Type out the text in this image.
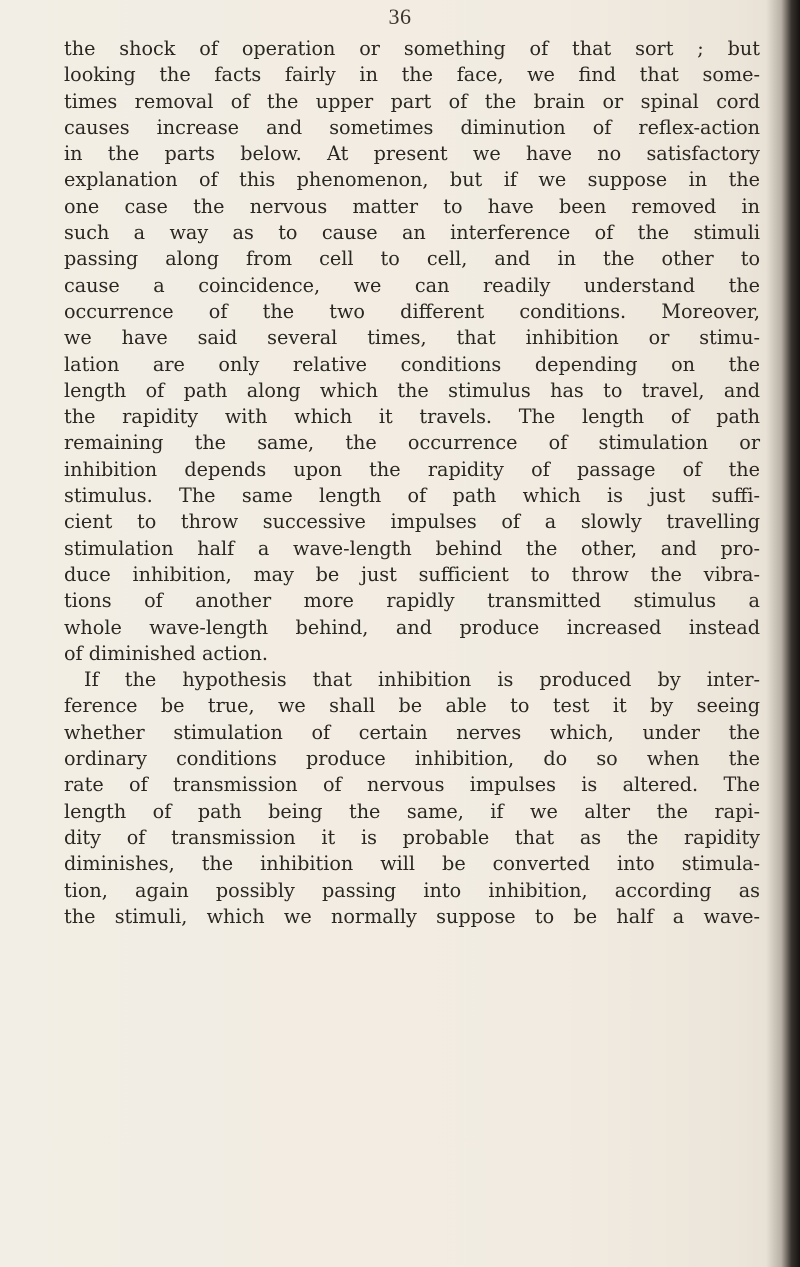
36
the shock of operation or something of that sort ; but
looking the facts fairly in the face, we find that some-
times removal of the upper part of the brain or spinal cord
causes increase and sometimes diminution of reflex-action
in the parts below. At present we have no satisfactory
explanation of this phenomenon, but if we suppose in the
one case the nervous matter to have been removed in
such a way as to cause an interference of the stimuli
passing along from cell to cell, and in the other to
cause a coincidence, we can readily understand the
occurrence of the two different conditions. Moreover,
we have said several times, that inhibition or stimu-
lation are only relative conditions depending on the
length of path along which the stimulus has to travel, and
the rapidity with which it travels. The length of path
remaining the same, the occurrence of stimulation or
inhibition depends upon the rapidity of passage of the
stimulus. The same length of path which is just suffi-
cient to throw successive impulses of a slowly travelling
stimulation half a wave-length behind the other, and pro-
duce inhibition, may be just sufficient to throw the vibra-
tions of another more rapidly transmitted stimulus a
whole wave-length behind, and produce increased instead
of diminished action.
If the hypothesis that inhibition is produced by inter-
ference be true, we shall be able to test it by seeing
whether stimulation of certain nerves which, under the
ordinary conditions produce inhibition, do so when the
rate of transmission of nervous impulses is altered. The
length of path being the same, if we alter the rapi-
dity of transmission it is probable that as the rapidity
diminishes, the inhibition will be converted into stimula-
tion, again possibly passing into inhibition, according as
the stimuli, which we normally suppose to be half a wave-
